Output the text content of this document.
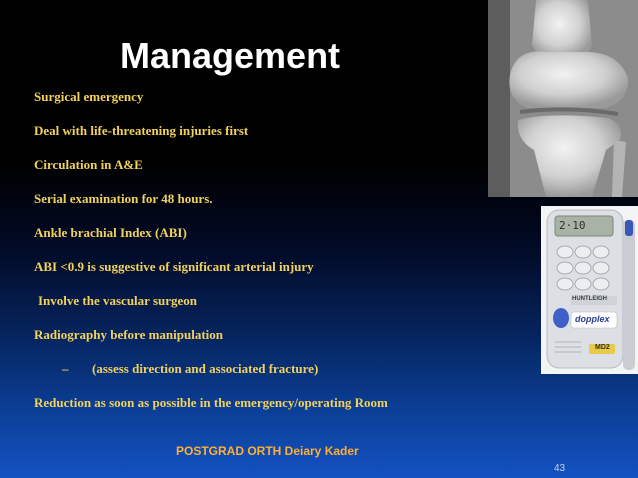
Management
Surgical emergency
Deal with life-threatening injuries first
Circulation in A&E
Serial examination for 48 hours.
Ankle brachial Index (ABI)
ABI <0.9 is suggestive of significant arterial injury
Involve the vascular surgeon
Radiography before manipulation
– (assess direction and associated fracture)
Reduction as soon as possible in the emergency/operating Room
POSTGRAD ORTH Deiary Kader
43
2·10
HUNTLEIGH
dopplex
MD2
